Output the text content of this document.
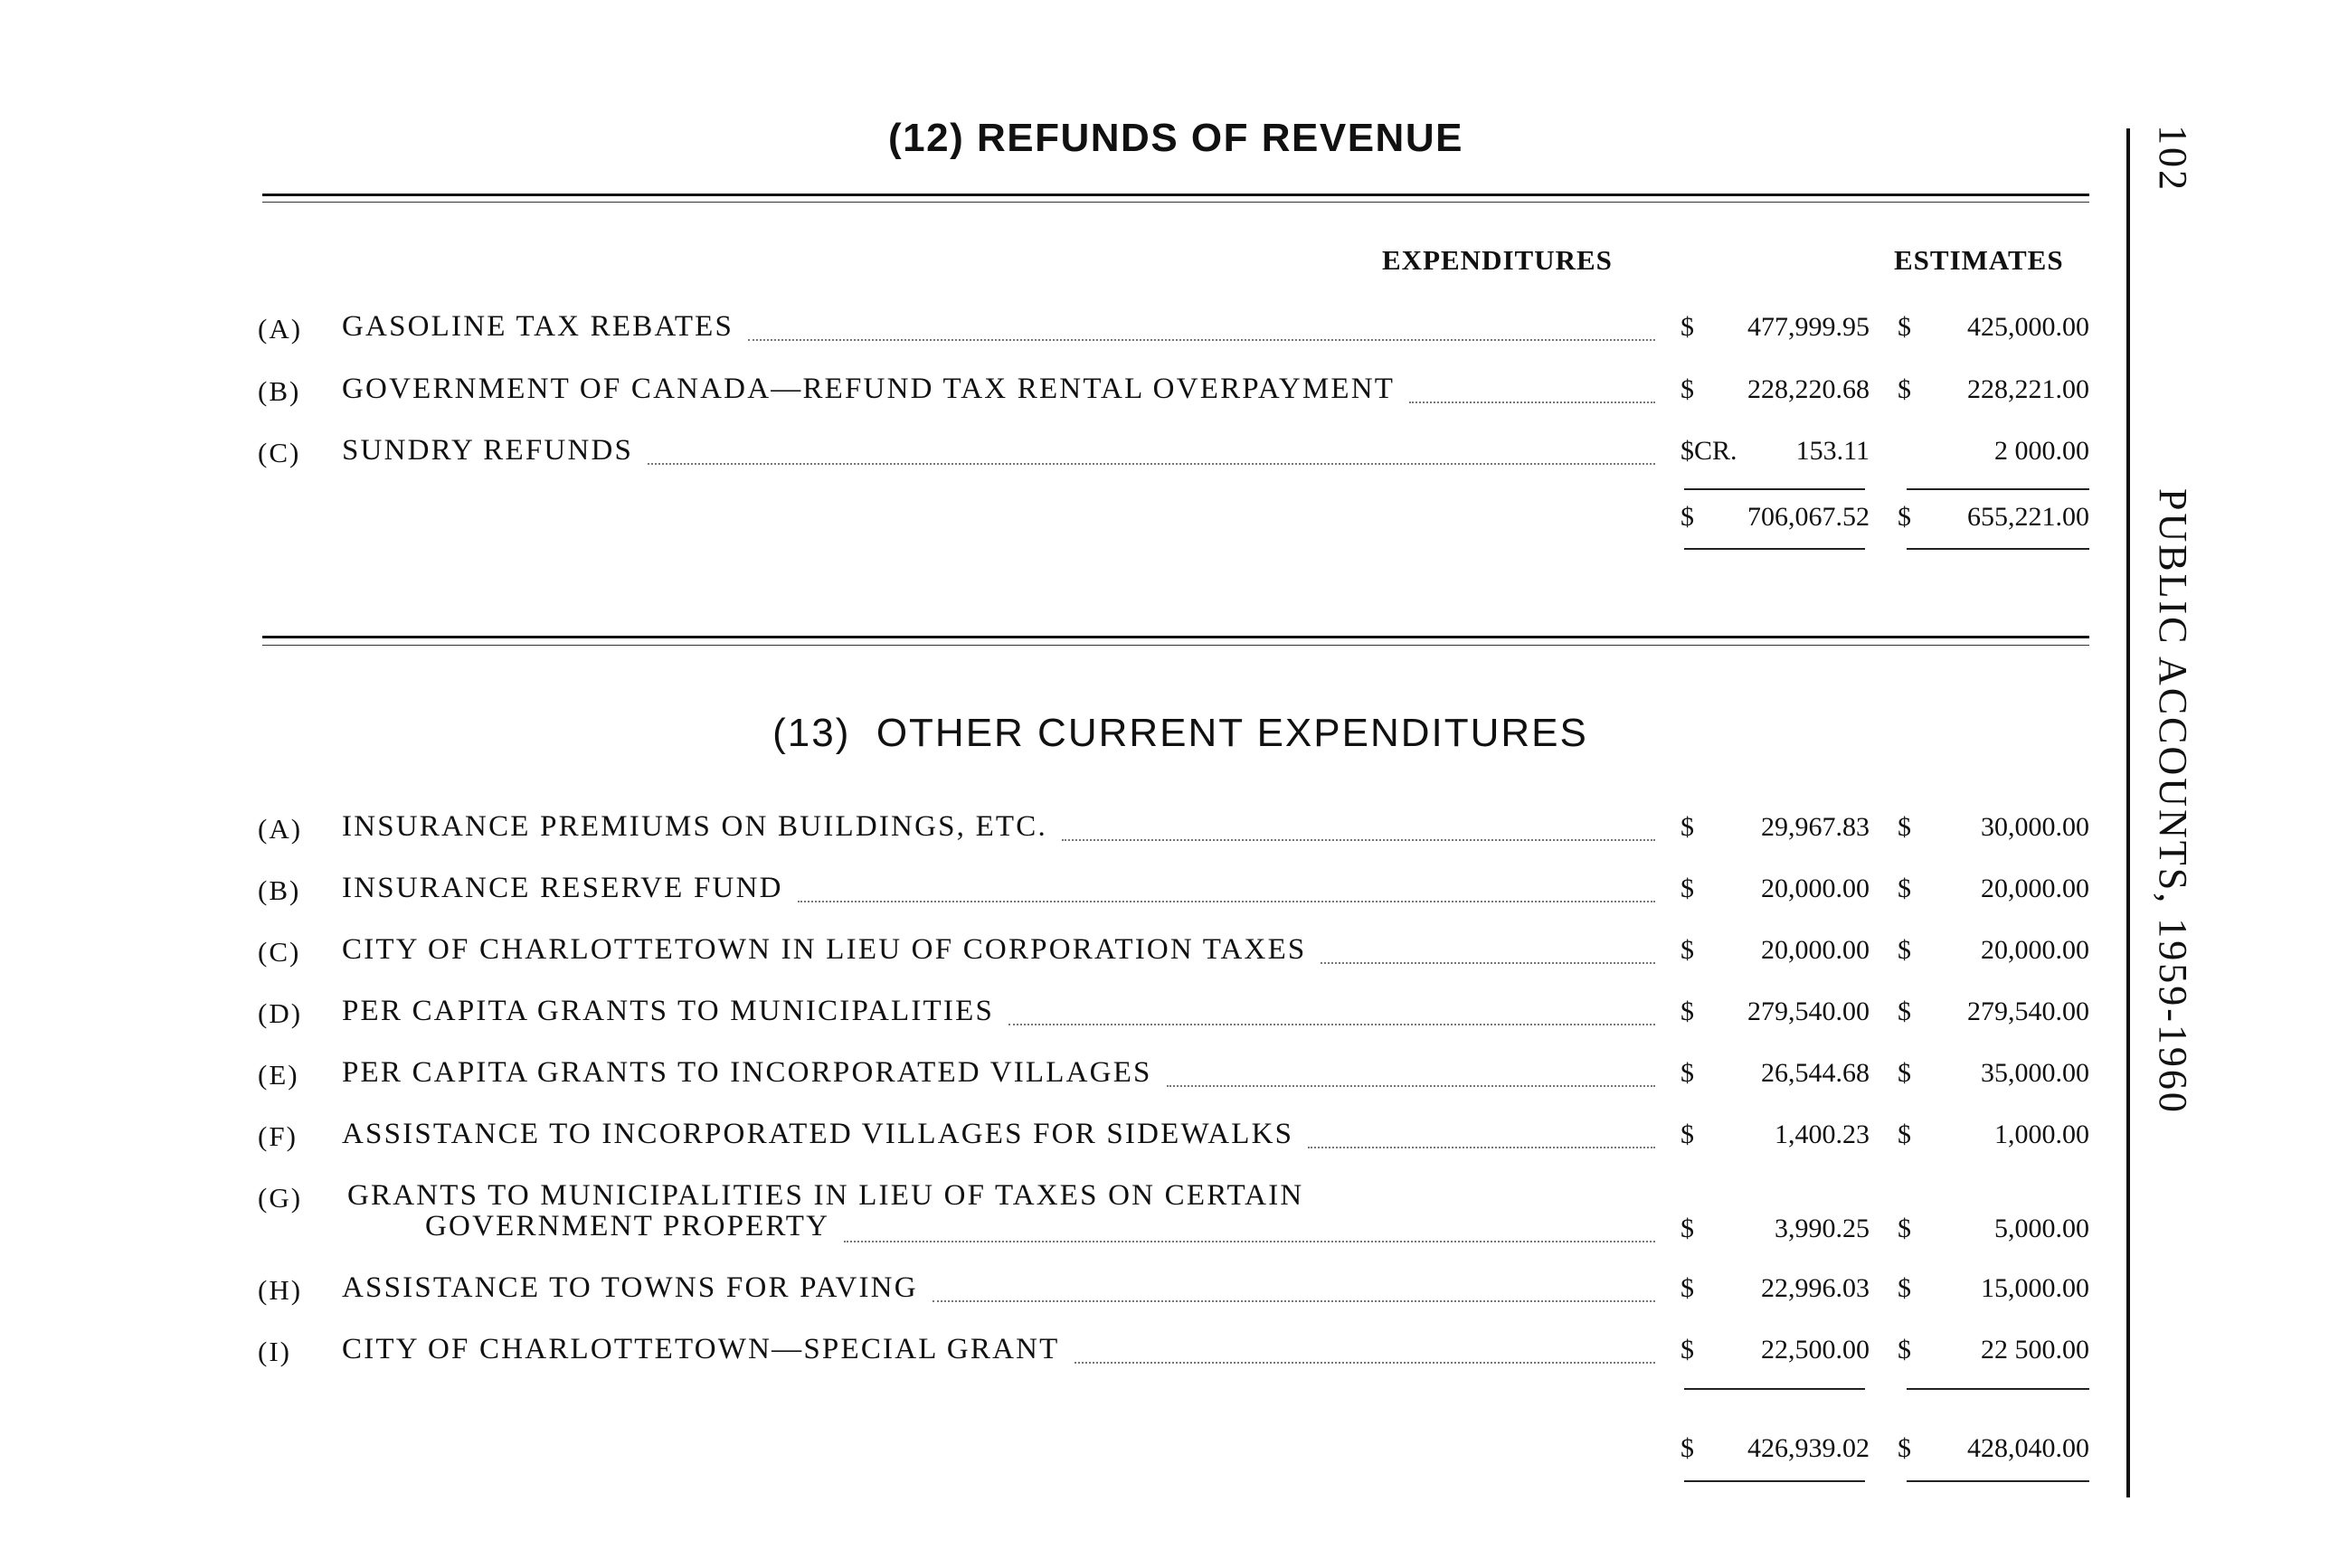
(12) REFUNDS OF REVENUE
EXPENDITURES	ESTIMATES
(A) GASOLINE TAX REBATES	$	477,999.95 $	425,000.00
(B) GOVERNMENT OF CANADA—REFUND TAX RENTAL OVERPAYMENT	$	228,220.68 $	228,221.00
(C) SUNDRY REFUNDS	$CR.	153.11	2 000.00
$	706,067.52 $	655,221.00
(13) OTHER CURRENT EXPENDITURES
(A) INSURANCE PREMIUMS ON BUILDINGS, ETC.	$	29,967.83 $	30,000.00
(B) INSURANCE RESERVE FUND	$	20,000.00 $	20,000.00
(C) CITY OF CHARLOTTETOWN IN LIEU OF CORPORATION TAXES	$	20,000.00 $	20,000.00
(D) PER CAPITA GRANTS TO MUNICIPALITIES	$	279,540.00 $	279,540.00
(E) PER CAPITA GRANTS TO INCORPORATED VILLAGES	$	26,544.68 $	35,000.00
(F) ASSISTANCE TO INCORPORATED VILLAGES FOR SIDEWALKS	$	1,400.23 $	1,000.00
(G) GRANTS TO MUNICIPALITIES IN LIEU OF TAXES ON CERTAIN
GOVERNMENT PROPERTY	$	3,990.25 $	5,000.00
(H) ASSISTANCE TO TOWNS FOR PAVING	$	22,996.03 $	15,000.00
(I) CITY OF CHARLOTTETOWN—SPECIAL GRANT	$	22,500.00 $	22 500.00
$	426,939.02 $	428,040.00
102
PUBLIC ACCOUNTS, 1959-1960
